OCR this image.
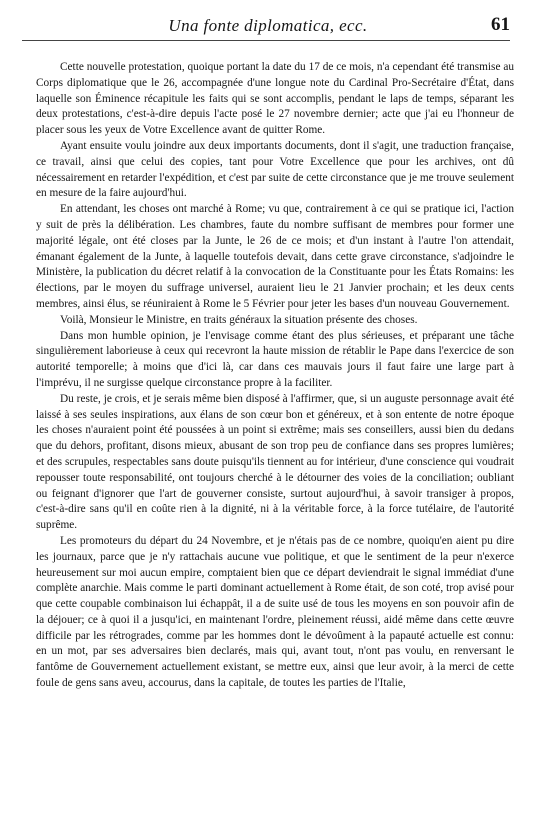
Una fonte diplomatica, ecc.	61

Cette nouvelle protestation, quoique portant la date du 17 de ce mois, n'a cependant été transmise au Corps diplomatique que le 26, accompagnée d'une longue note du Cardinal Pro-Secrétaire d'État, dans laquelle son Éminence récapitule les faits qui se sont accomplis, pendant le laps de temps, séparant les deux protestations, c'est-à-dire depuis l'acte posé le 27 novembre dernier; acte que j'ai eu l'honneur de placer sous les yeux de Votre Excellence avant de quitter Rome.

Ayant ensuite voulu joindre aux deux importants documents, dont il s'agit, une traduction française, ce travail, ainsi que celui des copies, tant pour Votre Excellence que pour les archives, ont dû nécessairement en retarder l'expédition, et c'est par suite de cette circonstance que je me trouve seulement en mesure de la faire aujourd'hui.

En attendant, les choses ont marché à Rome; vu que, contrairement à ce qui se pratique ici, l'action y suit de près la délibération. Les chambres, faute du nombre suffisant de membres pour former une majorité légale, ont été closes par la Junte, le 26 de ce mois; et d'un instant à l'autre l'on attendait, émanant également de la Junte, à laquelle toutefois devait, dans cette grave circonstance, s'adjoindre le Ministère, la publication du décret relatif à la convocation de la Constituante pour les États Romains: les élections, par le moyen du suffrage universel, auraient lieu le 21 Janvier prochain; et les deux cents membres, ainsi élus, se réuniraient à Rome le 5 Février pour jeter les bases d'un nouveau Gouvernement.

Voilà, Monsieur le Ministre, en traits généraux la situation présente des choses.

Dans mon humble opinion, je l'envisage comme étant des plus sérieuses, et préparant une tâche singulièrement laborieuse à ceux qui recevront la haute mission de rétablir le Pape dans l'exercice de son autorité temporelle; à moins que d'ici là, car dans ces mauvais jours il faut faire une large part à l'imprévu, il ne surgisse quelque circonstance propre à la faciliter.

Du reste, je crois, et je serais même bien disposé à l'affirmer, que, si un auguste personnage avait été laissé à ses seules inspirations, aux élans de son cœur bon et généreux, et à son entente de notre époque les choses n'auraient point été poussées à un point si extrême; mais ses conseillers, aussi bien du dedans que du dehors, profitant, disons mieux, abusant de son trop peu de confiance dans ses propres lumières; et des scrupules, respectables sans doute puisqu'ils tiennent au for intérieur, d'une conscience qui voudrait repousser toute responsabilité, ont toujours cherché à le détourner des voies de la conciliation; oubliant ou feignant d'ignorer que l'art de gouverner consiste, surtout aujourd'hui, à savoir transiger à propos, c'est-à-dire sans qu'il en coûte rien à la dignité, ni à la véritable force, à la force tutélaire, de l'autorité suprême.

Les promoteurs du départ du 24 Novembre, et je n'étais pas de ce nombre, quoiqu'en aient pu dire les journaux, parce que je n'y rattachais aucune vue politique, et que le sentiment de la peur n'exerce heureusement sur moi aucun empire, comptaient bien que ce départ deviendrait le signal immédiat d'une complète anarchie. Mais comme le parti dominant actuellement à Rome était, de son coté, trop avisé pour que cette coupable combinaison lui échappât, il a de suite usé de tous les moyens en son pouvoir afin de la déjouer; ce à quoi il a jusqu'ici, en maintenant l'ordre, pleinement réussi, aidé même dans cette œuvre difficile par les rétrogrades, comme par les hommes dont le dévoûment à la papauté actuelle est connu: en un mot, par ses adversaires bien declarés, mais qui, avant tout, n'ont pas voulu, en renversant le fantôme de Gouvernement actuellement existant, se mettre eux, ainsi que leur avoir, à la merci de cette foule de gens sans aveu, accourus, dans la capitale, de toutes les parties de l'Italie,
